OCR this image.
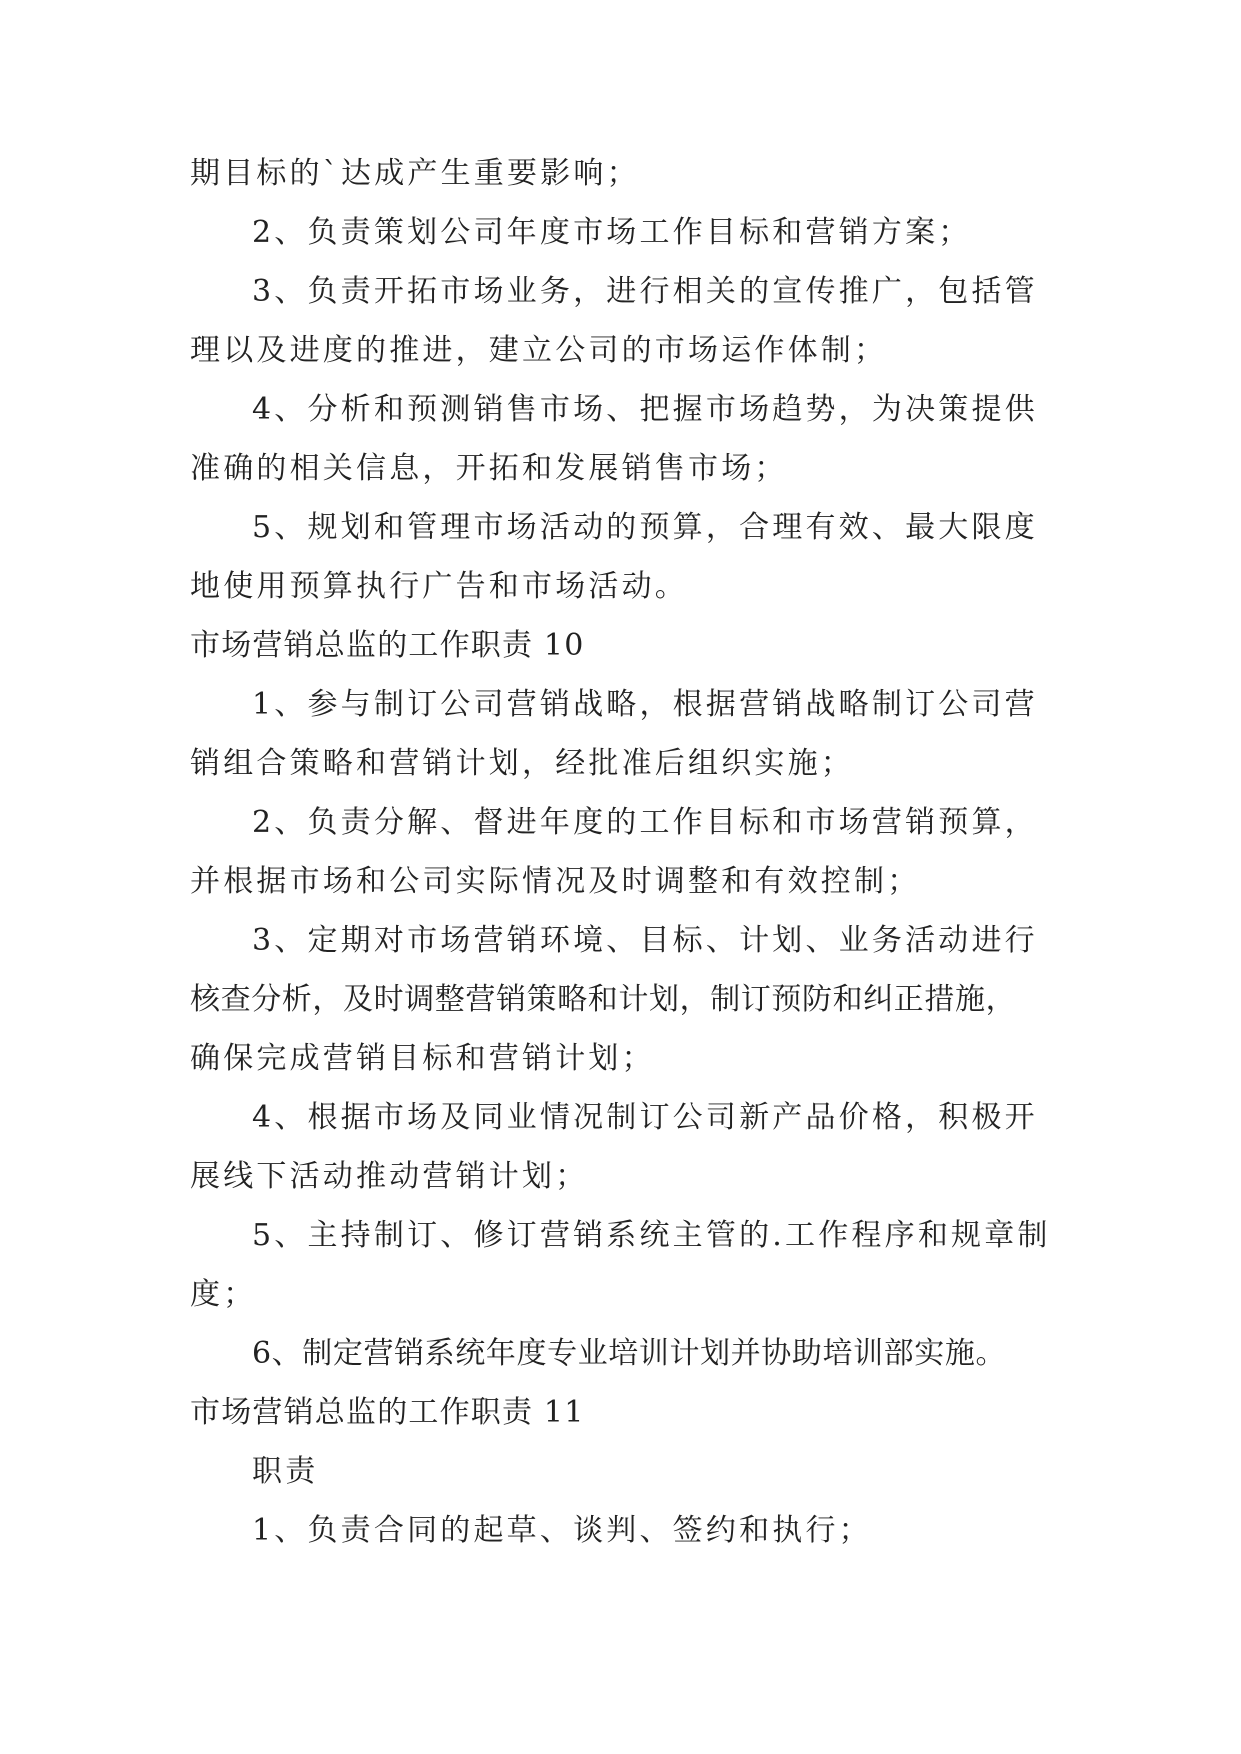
期目标的`达成产生重要影响；
2、负责策划公司年度市场工作目标和营销方案；
3、负责开拓市场业务，进行相关的宣传推广，包括管
理以及进度的推进，建立公司的市场运作体制；
4、分析和预测销售市场、把握市场趋势，为决策提供
准确的相关信息，开拓和发展销售市场；
5、规划和管理市场活动的预算，合理有效、最大限度
地使用预算执行广告和市场活动。
市场营销总监的工作职责 10
1、参与制订公司营销战略，根据营销战略制订公司营
销组合策略和营销计划，经批准后组织实施；
2、负责分解、督进年度的工作目标和市场营销预算，
并根据市场和公司实际情况及时调整和有效控制；
3、定期对市场营销环境、目标、计划、业务活动进行
核查分析，及时调整营销策略和计划，制订预防和纠正措施，
确保完成营销目标和营销计划；
4、根据市场及同业情况制订公司新产品价格，积极开
展线下活动推动营销计划；
5、主持制订、修订营销系统主管的.工作程序和规章制
度；
6、制定营销系统年度专业培训计划并协助培训部实施。
市场营销总监的工作职责 11
职责
1、负责合同的起草、谈判、签约和执行；
